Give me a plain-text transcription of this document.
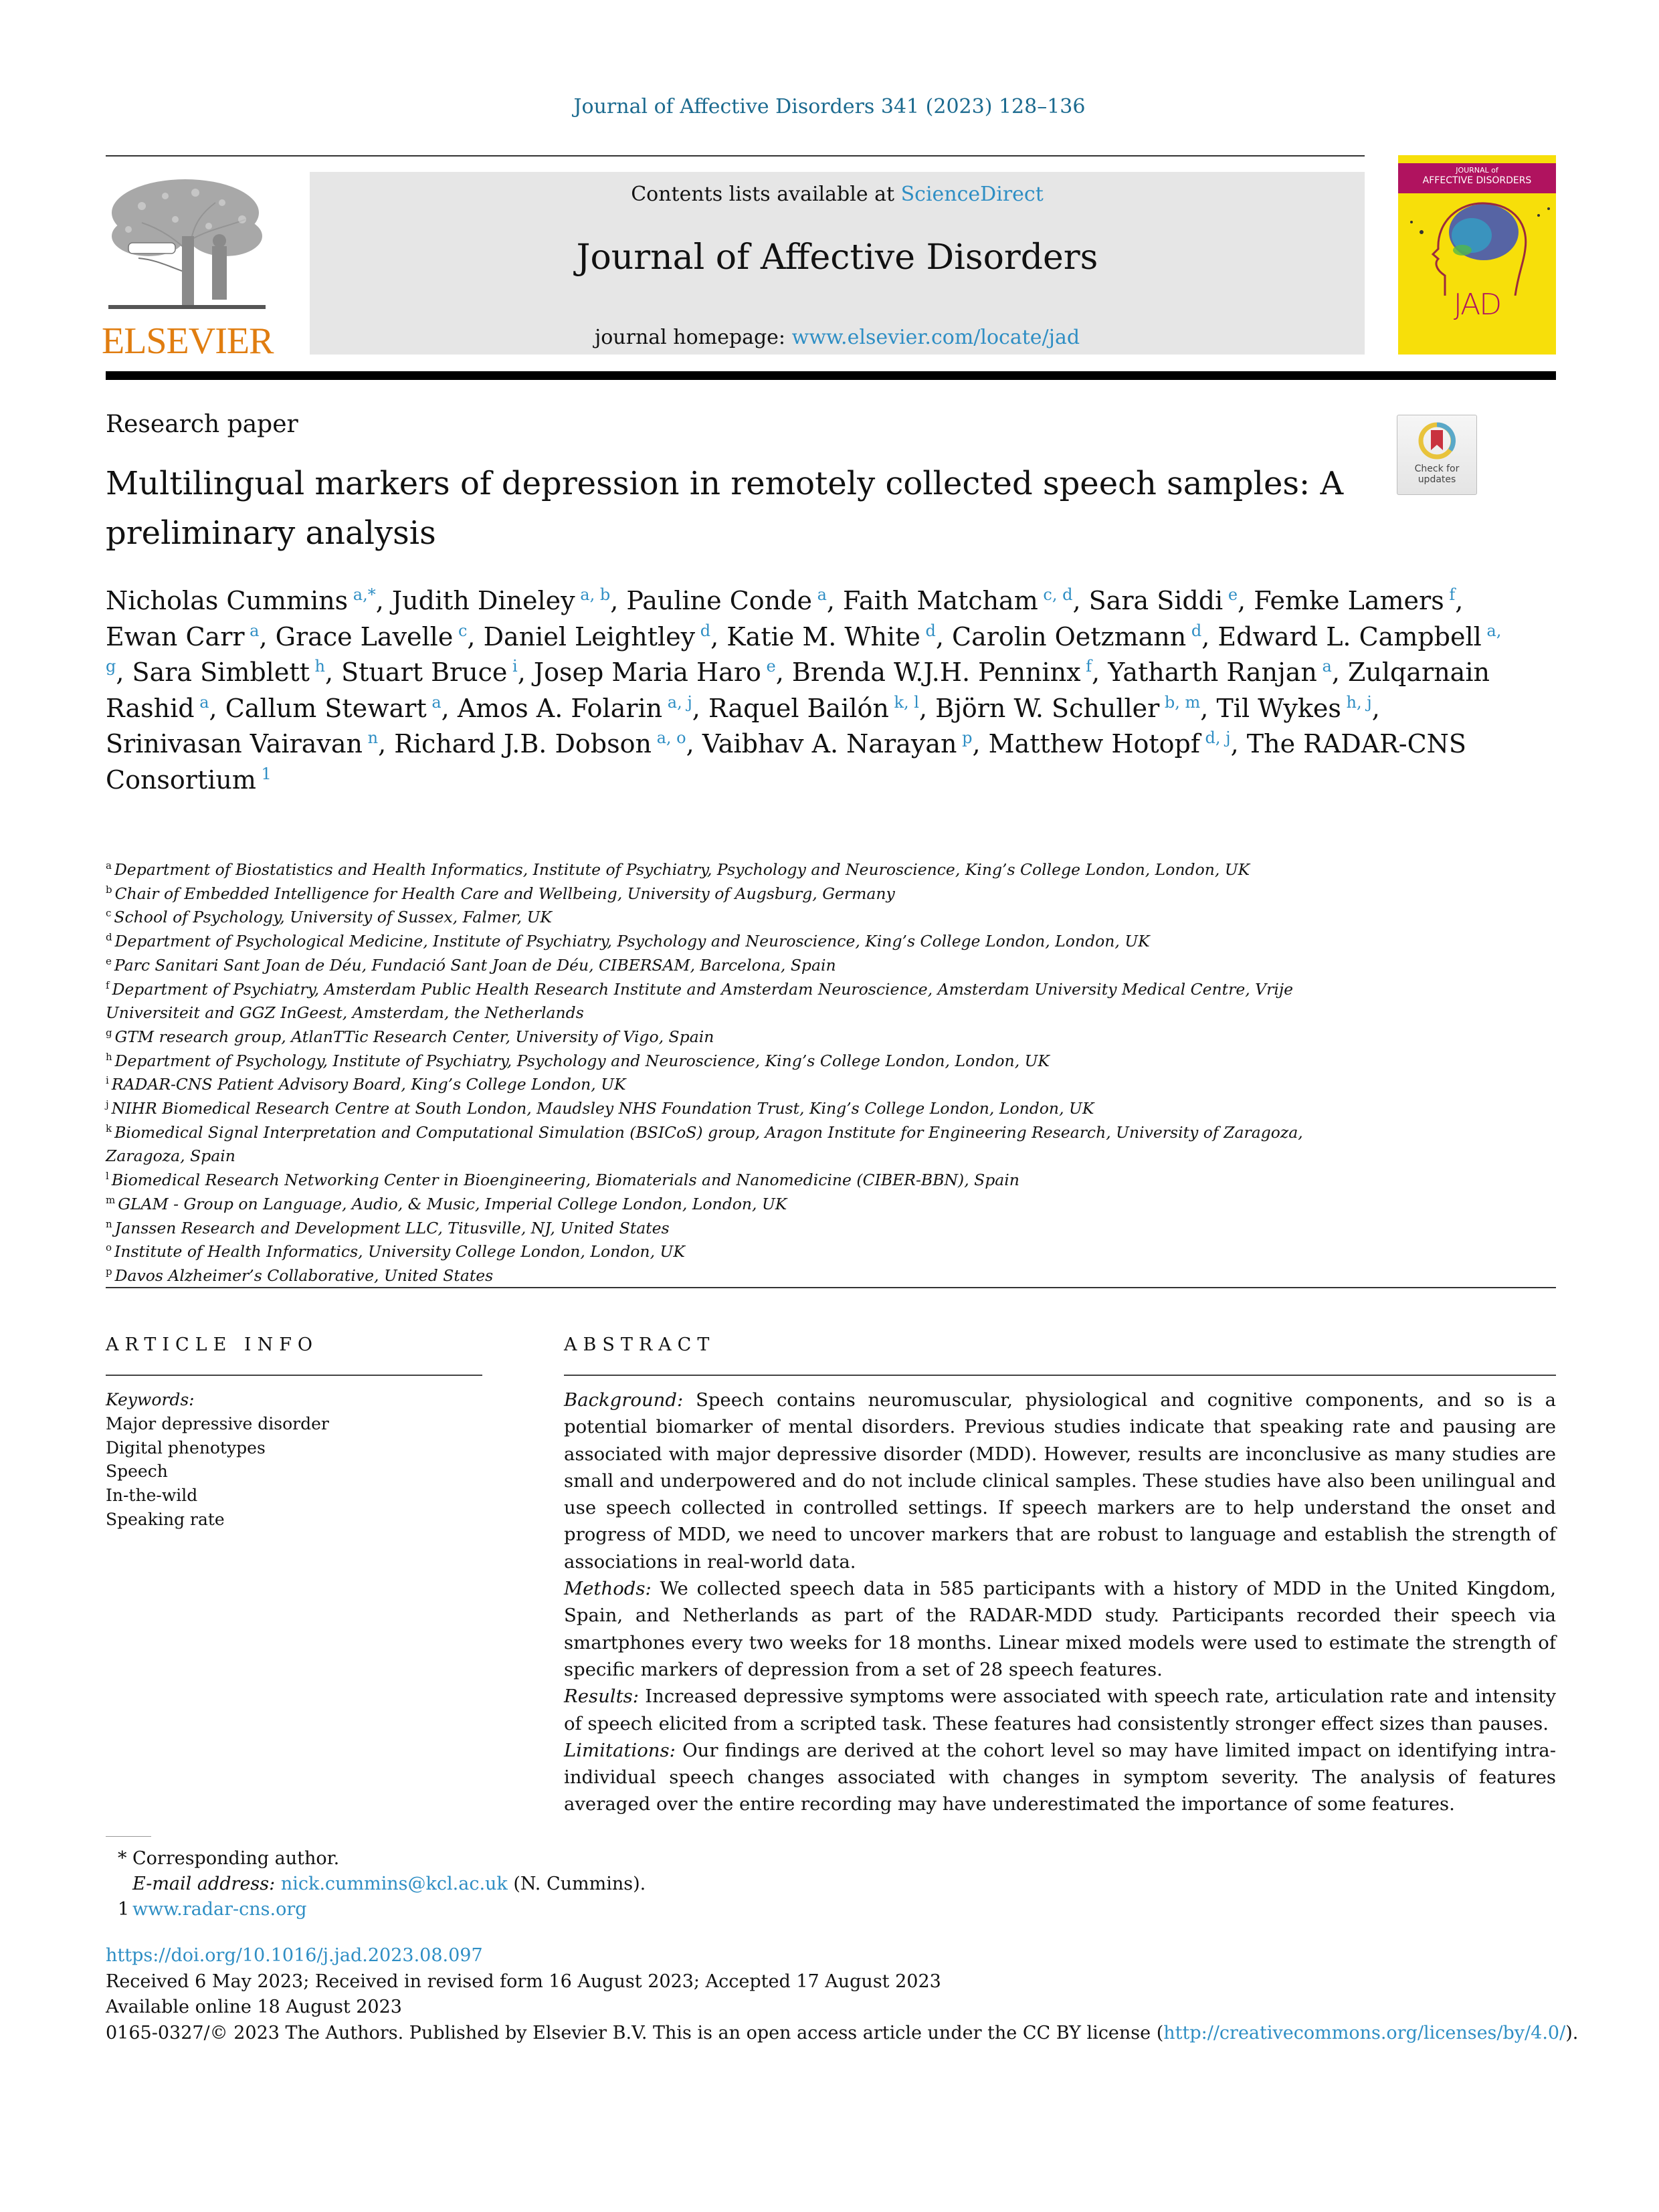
Journal of Affective Disorders 341 (2023) 128–136
ELSEVIER
Contents lists available at ScienceDirect
Journal of Affective Disorders
journal homepage: www.elsevier.com/locate/jad
JOURNAL of
AFFECTIVE DISORDERS
JAD
Research paper
Multilingual markers of depression in remotely collected speech samples: A preliminary analysis
Check for updates
Nicholas Cummins $^{a,*}$, Judith Dineley $^{a, b}$, Pauline Conde $^a$, Faith Matcham $^{c, d}$, Sara Siddi $^e$, Femke Lamers $^f$, Ewan Carr $^a$, Grace Lavelle $^c$, Daniel Leightley $^d$, Katie M. White $^d$, Carolin Oetzmann $^d$, Edward L. Campbell $^{a, g}$, Sara Simblett $^h$, Stuart Bruce $^i$, Josep Maria Haro $^e$, Brenda W.J.H. Penninx $^f$, Yatharth Ranjan $^a$, Zulqarnain Rashid $^a$, Callum Stewart $^a$, Amos A. Folarin $^{a, j}$, Raquel Bailón $^{k, l}$, Björn W. Schuller $^{b, m}$, Til Wykes $^{h, j}$, Srinivasan Vairavan $^n$, Richard J.B. Dobson $^{a, o}$, Vaibhav A. Narayan $^p$, Matthew Hotopf $^{d, j}$, The RADAR-CNS Consortium $^1$
$^a$ Department of Biostatistics and Health Informatics, Institute of Psychiatry, Psychology and Neuroscience, King’s College London, London, UK
$^b$ Chair of Embedded Intelligence for Health Care and Wellbeing, University of Augsburg, Germany
$^c$ School of Psychology, University of Sussex, Falmer, UK
$^d$ Department of Psychological Medicine, Institute of Psychiatry, Psychology and Neuroscience, King’s College London, London, UK
$^e$ Parc Sanitari Sant Joan de Déu, Fundació Sant Joan de Déu, CIBERSAM, Barcelona, Spain
$^f$ Department of Psychiatry, Amsterdam Public Health Research Institute and Amsterdam Neuroscience, Amsterdam University Medical Centre, Vrije Universiteit and GGZ InGeest, Amsterdam, the Netherlands
$^g$ GTM research group, AtlanTTic Research Center, University of Vigo, Spain
$^h$ Department of Psychology, Institute of Psychiatry, Psychology and Neuroscience, King’s College London, London, UK
$^i$ RADAR-CNS Patient Advisory Board, King’s College London, UK
$^j$ NIHR Biomedical Research Centre at South London, Maudsley NHS Foundation Trust, King’s College London, London, UK
$^k$ Biomedical Signal Interpretation and Computational Simulation (BSICoS) group, Aragon Institute for Engineering Research, University of Zaragoza, Zaragoza, Spain
$^l$ Biomedical Research Networking Center in Bioengineering, Biomaterials and Nanomedicine (CIBER-BBN), Spain
$^m$ GLAM - Group on Language, Audio, & Music, Imperial College London, London, UK
$^n$ Janssen Research and Development LLC, Titusville, NJ, United States
$^o$ Institute of Health Informatics, University College London, London, UK
$^p$ Davos Alzheimer’s Collaborative, United States
ARTICLE INFO	ABSTRACT
Keywords:
Major depressive disorder
Digital phenotypes
Speech
In-the-wild
Speaking rate

Background: Speech contains neuromuscular, physiological and cognitive components, and so is a potential biomarker of mental disorders. Previous studies indicate that speaking rate and pausing are associated with major depressive disorder (MDD). However, results are inconclusive as many studies are small and underpowered and do not include clinical samples. These studies have also been unilingual and use speech collected in controlled settings. If speech markers are to help understand the onset and progress of MDD, we need to uncover markers that are robust to language and establish the strength of associations in real-world data.

Methods: We collected speech data in 585 participants with a history of MDD in the United Kingdom, Spain, and Netherlands as part of the RADAR-MDD study. Participants recorded their speech via smartphones every two weeks for 18 months. Linear mixed models were used to estimate the strength of specific markers of depression from a set of 28 speech features.

Results: Increased depressive symptoms were associated with speech rate, articulation rate and intensity of speech elicited from a scripted task. These features had consistently stronger effect sizes than pauses.

Limitations: Our findings are derived at the cohort level so may have limited impact on identifying intraindividual speech changes associated with changes in symptom severity. The analysis of features averaged over the entire recording may have underestimated the importance of some features.

* Corresponding author.
E-mail address: nick.cummins@kcl.ac.uk (N. Cummins).
1 www.radar-cns.org
https://doi.org/10.1016/j.jad.2023.08.097
Received 6 May 2023; Received in revised form 16 August 2023; Accepted 17 August 2023
Available online 18 August 2023
0165-0327/© 2023 The Authors. Published by Elsevier B.V. This is an open access article under the CC BY license (http://creativecommons.org/licenses/by/4.0/).
